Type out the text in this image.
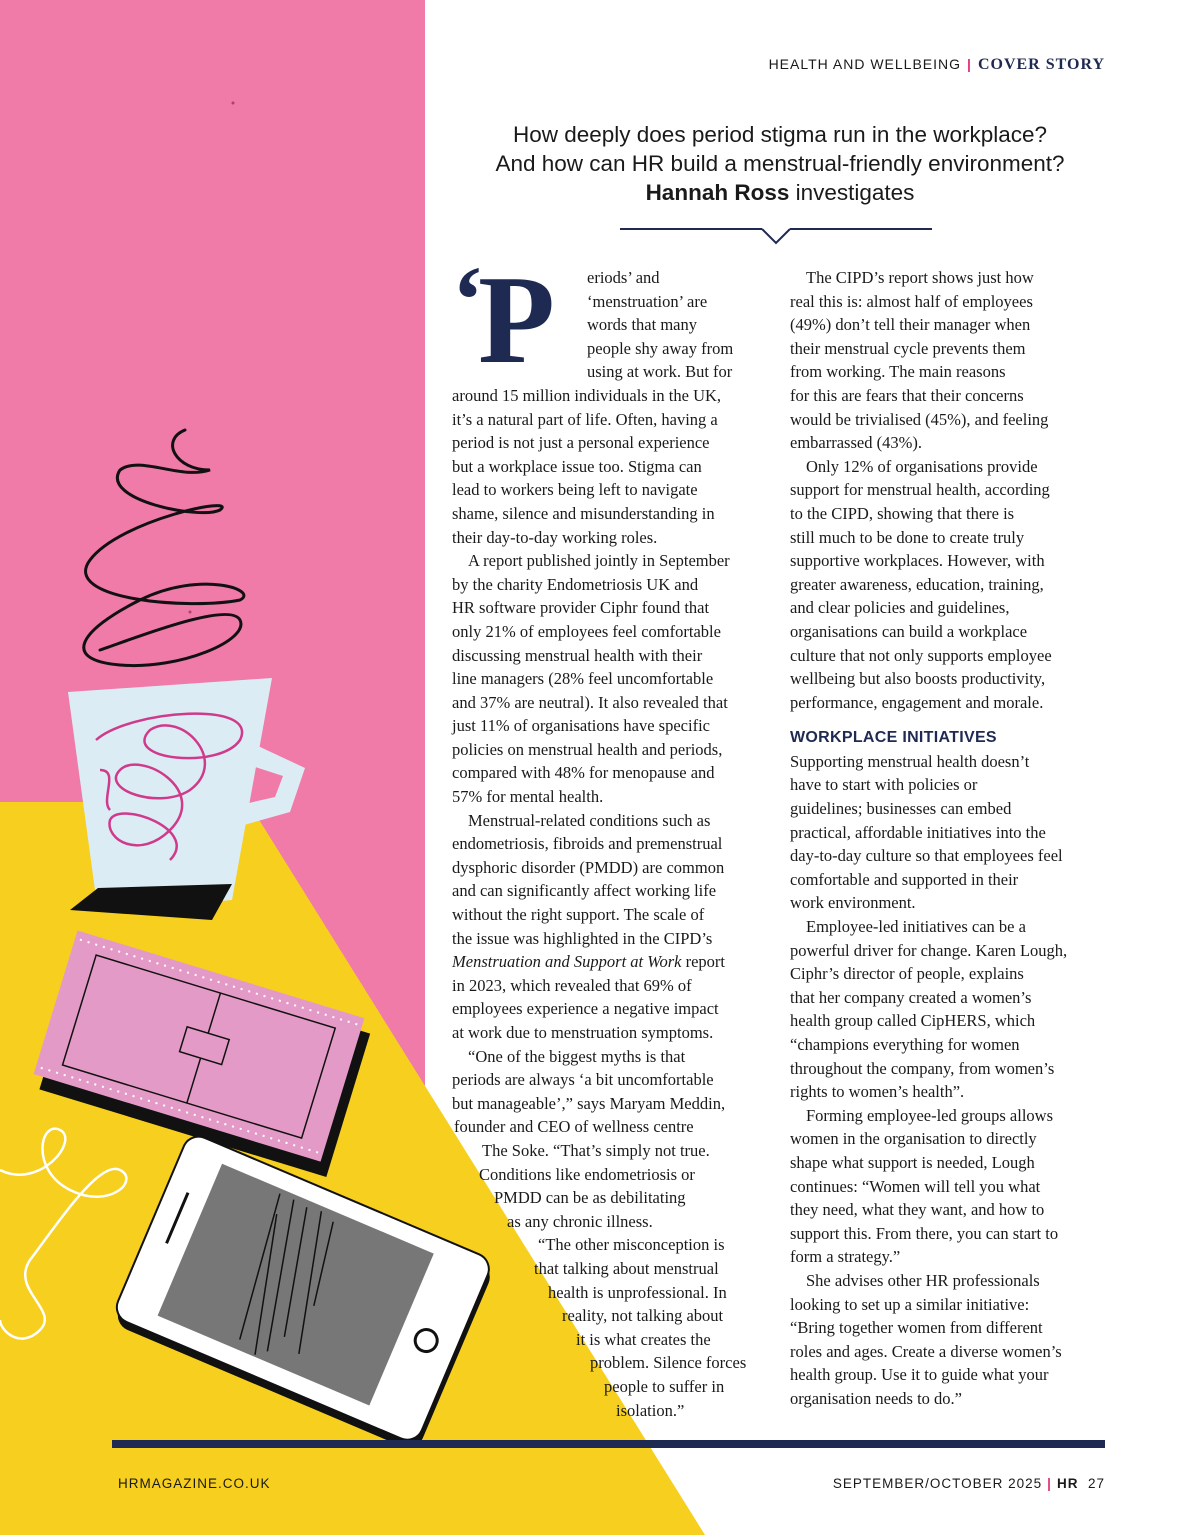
HEALTH AND WELLBEING | COVER STORY
How deeply does period stigma run in the workplace?
And how can HR build a menstrual-friendly environment?
Hannah Ross investigates
‘
P eriods’ and
‘menstruation’ are
words that many
people shy away from
using at work. But for
around 15 million individuals in the UK,
it’s a natural part of life. Often, having a
period is not just a personal experience
but a workplace issue too. Stigma can
lead to workers being left to navigate
shame, silence and misunderstanding in
their day-to-day working roles.

A report published jointly in September
by the charity Endometriosis UK and
HR software provider Ciphr found that
only 21% of employees feel comfortable
discussing menstrual health with their
line managers (28% feel uncomfortable
and 37% are neutral). It also revealed that
just 11% of organisations have specific
policies on menstrual health and periods,
compared with 48% for menopause and
57% for mental health.

Menstrual-related conditions such as
endometriosis, fibroids and premenstrual
dysphoric disorder (PMDD) are common
and can significantly affect working life
without the right support. The scale of
the issue was highlighted in the CIPD’s
Menstruation and Support at Work report
in 2023, which revealed that 69% of
employees experience a negative impact
at work due to menstruation symptoms.

“One of the biggest myths is that
periods are always ‘a bit uncomfortable
but manageable’,” says Maryam Meddin,
founder and CEO of wellness centre
The Soke. “That’s simply not true.
Conditions like endometriosis or
PMDD can be as debilitating
as any chronic illness.

“The other misconception is
that talking about menstrual
health is unprofessional. In
reality, not talking about
it is what creates the
problem. Silence forces
people to suffer in
isolation.”

The CIPD’s report shows just how
real this is: almost half of employees
(49%) don’t tell their manager when
their menstrual cycle prevents them
from working. The main reasons
for this are fears that their concerns
would be trivialised (45%), and feeling
embarrassed (43%).

Only 12% of organisations provide
support for menstrual health, according
to the CIPD, showing that there is
still much to be done to create truly
supportive workplaces. However, with
greater awareness, education, training,
and clear policies and guidelines,
organisations can build a workplace
culture that not only supports employee
wellbeing but also boosts productivity,
performance, engagement and morale.

WORKPLACE INITIATIVES

Supporting menstrual health doesn’t
have to start with policies or
guidelines; businesses can embed
practical, affordable initiatives into the
day-to-day culture so that employees feel
comfortable and supported in their
work environment.

Employee-led initiatives can be a
powerful driver for change. Karen Lough,
Ciphr’s director of people, explains
that her company created a women’s
health group called CipHERS, which
“champions everything for women
throughout the company, from women’s
rights to women’s health”.

Forming employee-led groups allows
women in the organisation to directly
shape what support is needed, Lough
continues: “Women will tell you what
they need, what they want, and how to
support this. From there, you can start to
form a strategy.”

She advises other HR professionals
looking to set up a similar initiative:
“Bring together women from different
roles and ages. Create a diverse women’s
health group. Use it to guide what your
organisation needs to do.”

HRMAGAZINE.CO.UK	SEPTEMBER/OCTOBER 2025 | HR 27
